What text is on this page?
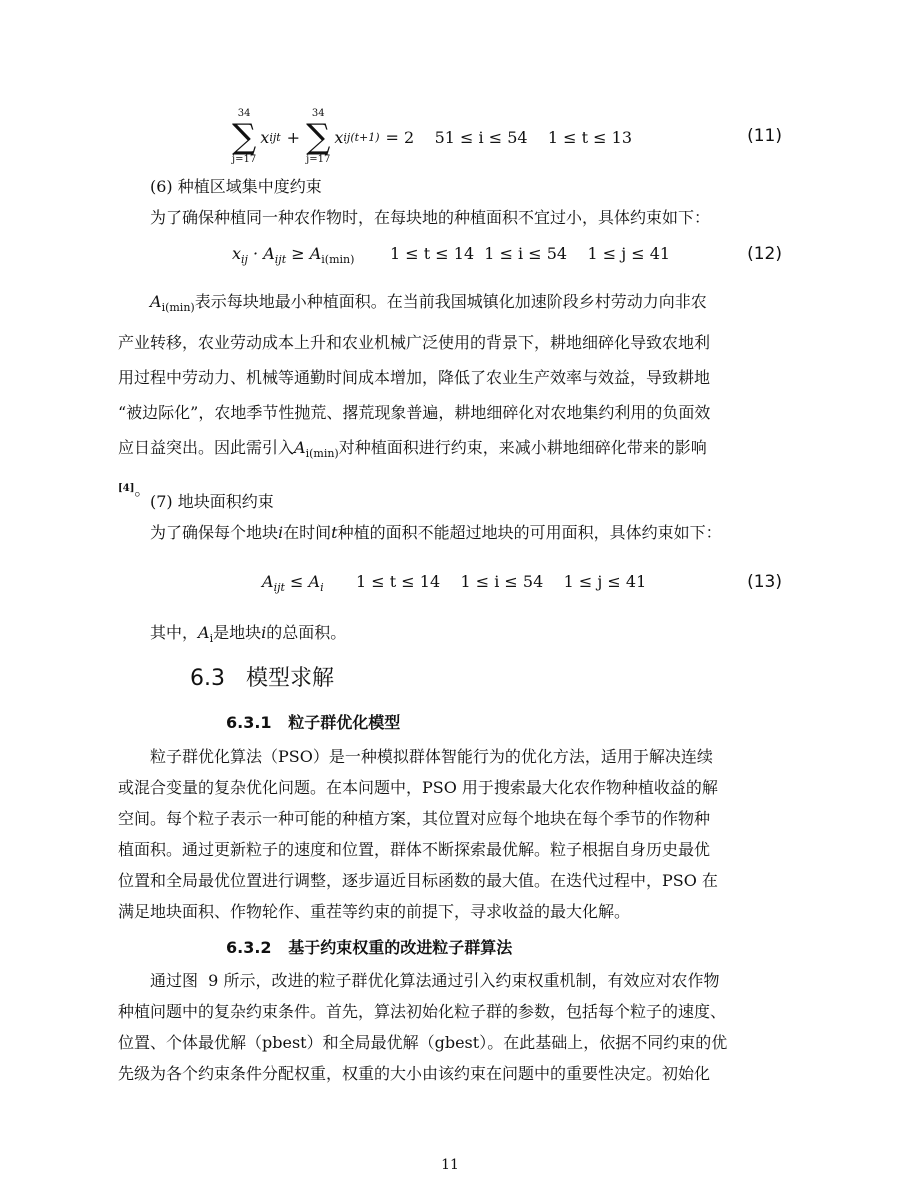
34
∑
j=17
x ijt +
34
∑
j=17
x ij(t+1) = 2    51 ≤ i ≤ 54    1 ≤ t ≤ 13	(11)
(6) 种植区域集中度约束
为了确保种植同一种农作物时，在每块地的种植面积不宜过小，具体约束如下：
$x_{ij} \cdot A_{ijt} \ge A_{i(min)}$ 1 ≤ t ≤ 14  1 ≤ i ≤ 54    1 ≤ j ≤ 41	(12)
$A_{i(min)}$表示每块地最小种植面积。在当前我国城镇化加速阶段乡村劳动力向非农
产业转移，农业劳动成本上升和农业机械广泛使用的背景下，耕地细碎化导致农地利
用过程中劳动力、机械等通勤时间成本增加，降低了农业生产效率与效益，导致耕地
“被边际化”，农地季节性抛荒、撂荒现象普遍，耕地细碎化对农地集约利用的负面效
应日益突出。因此需引入$A_{i(min)}$对种植面积进行约束，来减小耕地细碎化带来的影响
[4]。
(7) 地块面积约束
为了确保每个地块i在时间t种植的面积不能超过地块的可用面积，具体约束如下：
$A_{ijt} \le A_i$ 1 ≤ t ≤ 14    1 ≤ i ≤ 54    1 ≤ j ≤ 41	(13)
其中，$A_i$是地块i的总面积。
6.3   模型求解
6.3.1   粒子群优化模型
粒子群优化算法（PSO）是一种模拟群体智能行为的优化方法，适用于解决连续
或混合变量的复杂优化问题。在本问题中，PSO 用于搜索最大化农作物种植收益的解
空间。每个粒子表示一种可能的种植方案，其位置对应每个地块在每个季节的作物种
植面积。通过更新粒子的速度和位置，群体不断探索最优解。粒子根据自身历史最优
位置和全局最优位置进行调整，逐步逼近目标函数的最大值。在迭代过程中，PSO 在
满足地块面积、作物轮作、重茬等约束的前提下，寻求收益的最大化解。
6.3.2   基于约束权重的改进粒子群算法
通过图  9 所示，改进的粒子群优化算法通过引入约束权重机制，有效应对农作物
种植问题中的复杂约束条件。首先，算法初始化粒子群的参数，包括每个粒子的速度、
位置、个体最优解（pbest）和全局最优解（gbest）。在此基础上，依据不同约束的优
先级为各个约束条件分配权重，权重的大小由该约束在问题中的重要性决定。初始化
11
